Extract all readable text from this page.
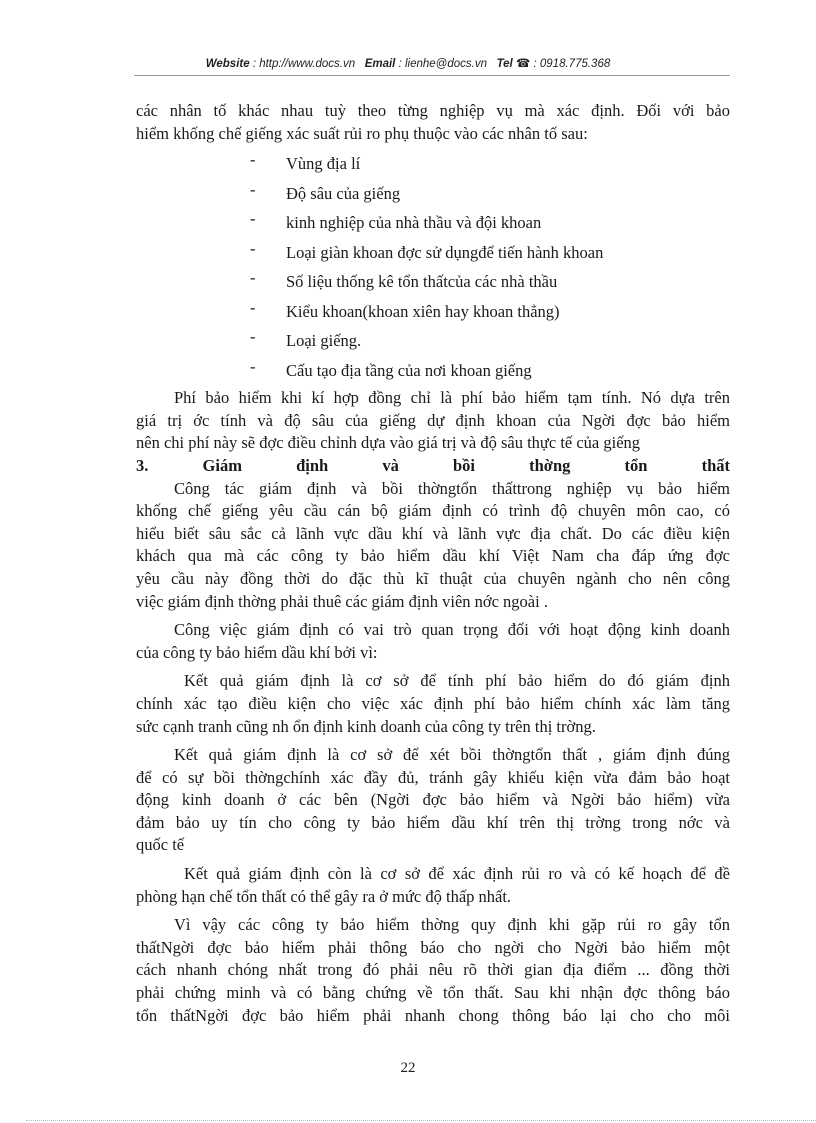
Website : http://www.docs.vn Email : lienhe@docs.vn Tel ☎ : 0918.775.368

các nhân tố khác nhau tuỳ theo từng nghiệp vụ mà xác định. Đối với bảo

hiểm khống chế giếng xác suất rủi ro phụ thuộc vào các nhân tố sau:

- Vùng địa lí
- Độ sâu của giếng
- kinh nghiệp của nhà thầu và đội khoan
- Loại giàn khoan đợc sử dụngđể tiến hành khoan
- Số liệu thống kê tổn thấtcủa các nhà thầu
- Kiểu khoan(khoan xiên hay khoan thẳng)
- Loại giếng.
- Cấu tạo địa tầng của nơi khoan giếng

Phí bảo hiểm khi kí hợp đồng chỉ là phí bảo hiểm tạm tính. Nó dựa trên

giá trị ớc tính và độ sâu của giếng dự định khoan của Ngời đợc bảo hiểm

nên chi phí này sẽ đợc điều chỉnh dựa vào giá trị và độ sâu thực tế của giếng

3. Giám định và bồi thờng tổn thất

Công tác giám định và bồi thờngtổn thấttrong nghiệp vụ bảo hiểm

khống chế giếng yêu cầu cán bộ giám định có trình độ chuyên môn cao, có

hiểu biết sâu sắc cả lãnh vực dầu khí và lãnh vực địa chất. Do các điều kiện

khách qua mà các công ty bảo hiểm dầu khí Việt Nam cha đáp ứng đợc

yêu cầu này đồng thời do đặc thù kĩ thuật của chuyên ngành cho nên công

việc giám định thờng phải thuê các giám định viên nớc ngoài .

Công việc giám định có vai trò quan trọng đối với hoạt động kinh doanh

của công ty bảo hiểm dầu khí bởi vì:

Kết quả giám định là cơ sở để tính phí bảo hiểm do đó giám định

chính xác tạo điều kiện cho việc xác định phí bảo hiểm chính xác làm tăng

sức cạnh tranh cũng nh ổn định kinh doanh của công ty trên thị trờng.

Kết quả giám định là cơ sở để xét bồi thờngtổn thất , giám định đúng

để có sự bồi thờngchính xác đầy đủ, tránh gây khiếu kiện vừa đảm bảo hoạt

động kinh doanh ở các bên (Ngời đợc bảo hiểm và Ngời bảo hiểm) vừa

đảm bảo uy tín cho công ty bảo hiểm dầu khí trên thị trờng trong nớc và

quốc tế

Kết quả giám định còn là cơ sở để xác định rủi ro và có kế hoạch để đề

phòng hạn chế tổn thất có thể gây ra ở mức độ thấp nhất.

Vì vậy các công ty bảo hiểm thờng quy định khi gặp rủi ro gây tổn

thấtNgời đợc bảo hiểm phải thông báo cho ngời cho Ngời bảo hiểm một

cách nhanh chóng nhất trong đó phải nêu rõ thời gian địa điểm ... đồng thời

phải chứng minh và có bằng chứng về tổn thất. Sau khi nhận đợc thông báo

tổn thấtNgời đợc bảo hiểm phải nhanh chong thông báo lại cho cho môi

22
